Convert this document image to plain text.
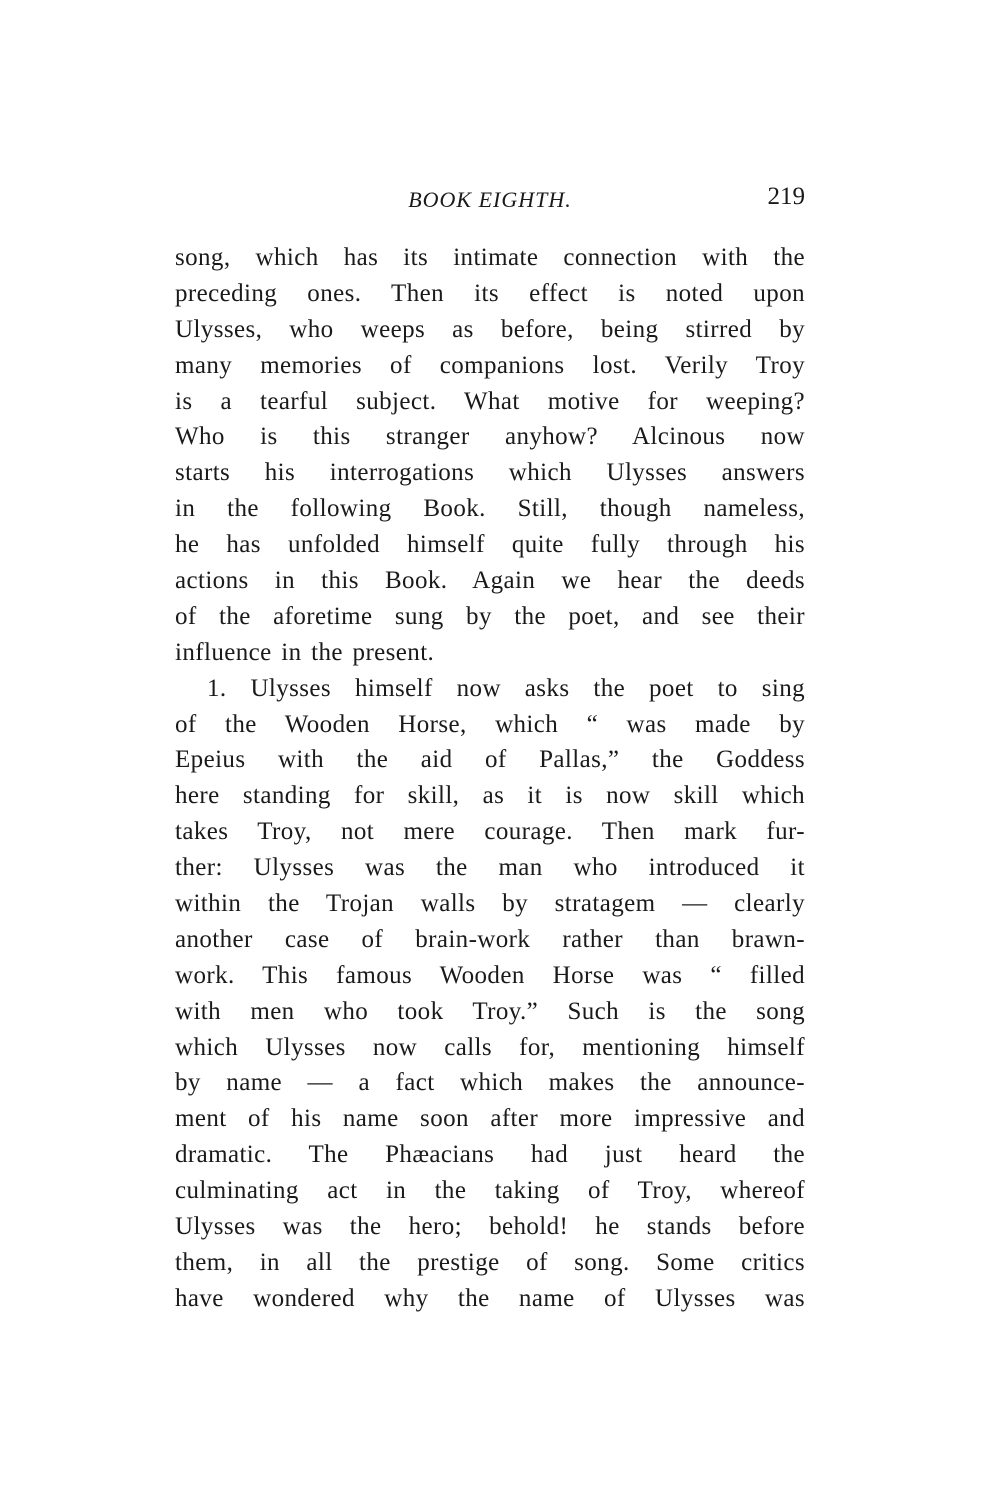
BOOK EIGHTH.	219
song, which has its intimate connection with the
preceding ones. Then its effect is noted upon
Ulysses, who weeps as before, being stirred by
many memories of companions lost. Verily Troy
is a tearful subject. What motive for weeping?
Who is this stranger anyhow? Alcinous now
starts his interrogations which Ulysses answers
in the following Book. Still, though nameless,
he has unfolded himself quite fully through his
actions in this Book. Again we hear the deeds
of the aforetime sung by the poet, and see their
influence in the present.
1. Ulysses himself now asks the poet to sing
of the Wooden Horse, which “ was made by
Epeius with the aid of Pallas,” the Goddess
here standing for skill, as it is now skill which
takes Troy, not mere courage. Then mark fur-
ther: Ulysses was the man who introduced it
within the Trojan walls by stratagem — clearly
another case of brain-work rather than brawn-
work. This famous Wooden Horse was “ filled
with men who took Troy.” Such is the song
which Ulysses now calls for, mentioning himself
by name — a fact which makes the announce-
ment of his name soon after more impressive and
dramatic. The Phæacians had just heard the
culminating act in the taking of Troy, whereof
Ulysses was the hero; behold! he stands before
them, in all the prestige of song. Some critics
have wondered why the name of Ulysses was
